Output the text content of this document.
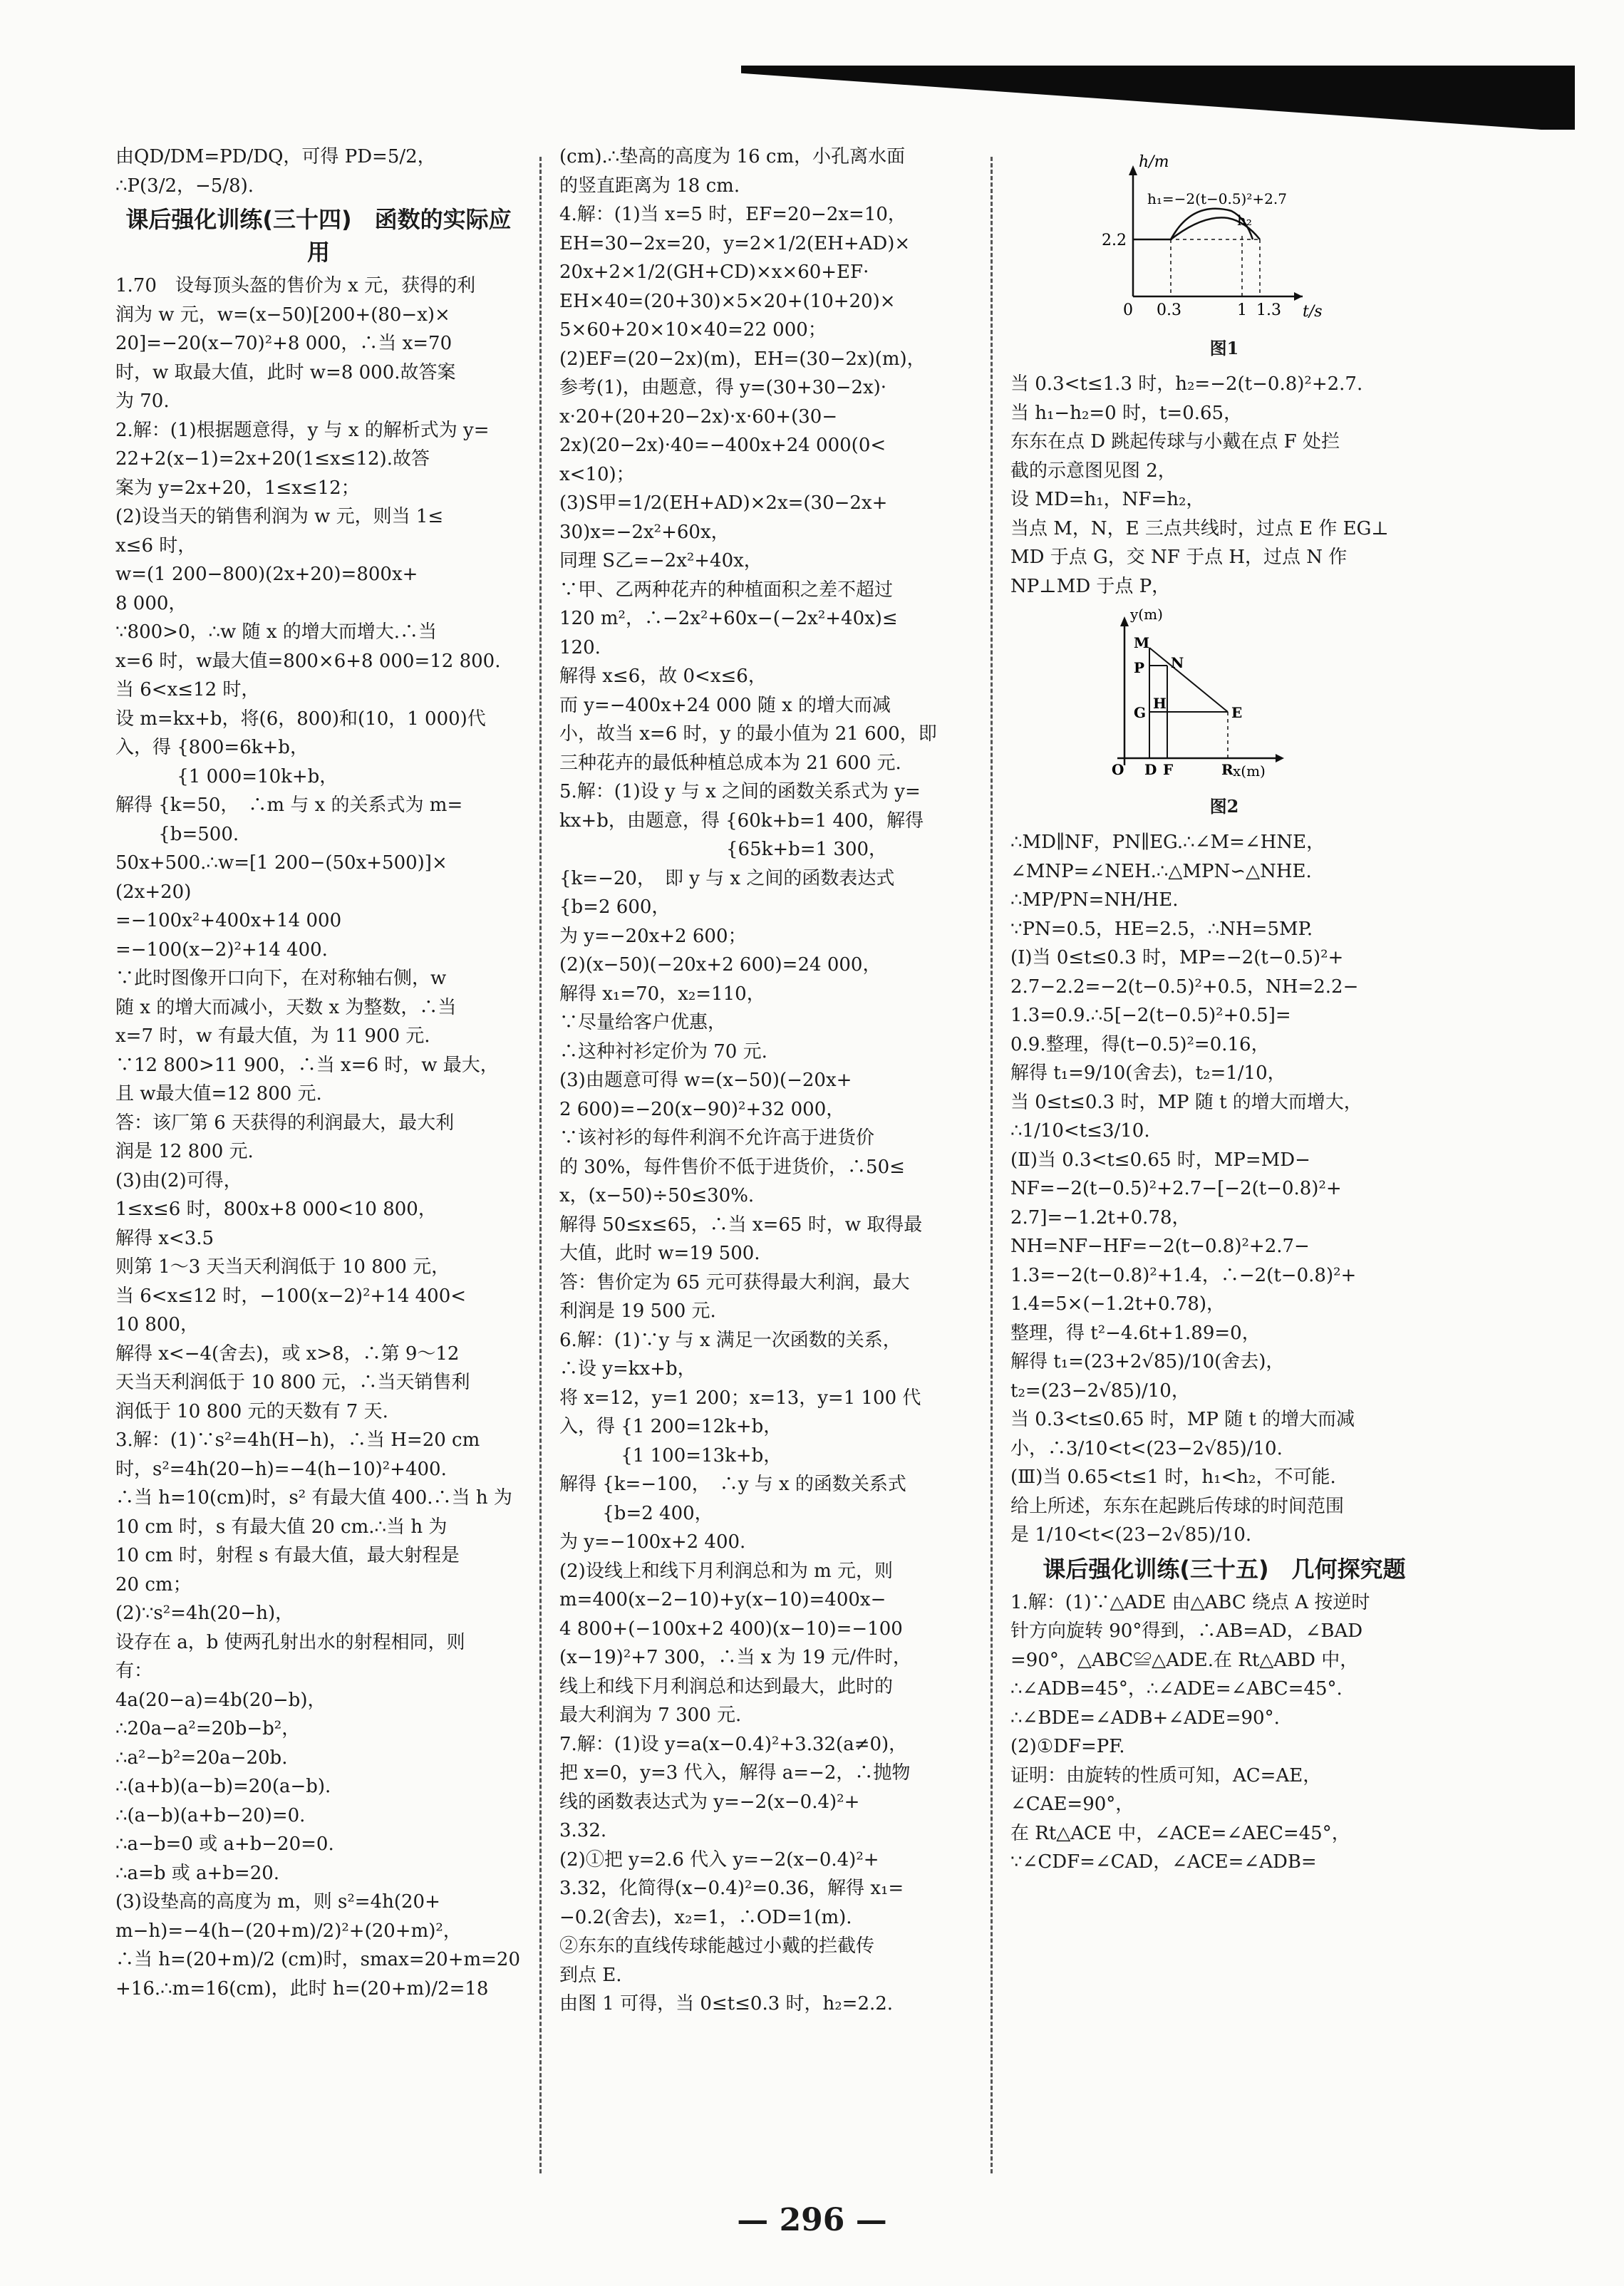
由QD/DM=PD/DQ，可得 PD=5/2，
∴P(3/2，−5/8).
课后强化训练(三十四)　函数的实际应用
1.70　设每顶头盔的售价为 x 元，获得的利
润为 w 元，w=(x−50)[200+(80−x)×
20]=−20(x−70)²+8 000，∴当 x=70
时，w 取最大值，此时 w=8 000.故答案
为 70.
2.解：(1)根据题意得，y 与 x 的解析式为 y=
22+2(x−1)=2x+20(1≤x≤12).故答
案为 y=2x+20，1≤x≤12；
(2)设当天的销售利润为 w 元，则当 1≤
x≤6 时，
w=(1 200−800)(2x+20)=800x+
8 000，
∵800>0，∴w 随 x 的增大而增大.∴当
x=6 时，w最大值=800×6+8 000=12 800.
当 6<x≤12 时，
设 m=kx+b，将(6，800)和(10，1 000)代
入，得 {800=6k+b，
　　　 {1 000=10k+b，
解得 {k=50，　∴m 与 x 的关系式为 m=
　　 {b=500.
50x+500.∴w=[1 200−(50x+500)]×
(2x+20)
=−100x²+400x+14 000
=−100(x−2)²+14 400.
∵此时图像开口向下，在对称轴右侧，w
随 x 的增大而减小，天数 x 为整数，∴当
x=7 时，w 有最大值，为 11 900 元.
∵12 800>11 900，∴当 x=6 时，w 最大，
且 w最大值=12 800 元.
答：该厂第 6 天获得的利润最大，最大利
润是 12 800 元.
(3)由(2)可得，
1≤x≤6 时，800x+8 000<10 800，
解得 x<3.5
则第 1～3 天当天利润低于 10 800 元，
当 6<x≤12 时，−100(x−2)²+14 400<
10 800，
解得 x<−4(舍去)，或 x>8，∴第 9～12
天当天利润低于 10 800 元，∴当天销售利
润低于 10 800 元的天数有 7 天.
3.解：(1)∵s²=4h(H−h)，∴当 H=20 cm
时，s²=4h(20−h)=−4(h−10)²+400.
∴当 h=10(cm)时，s² 有最大值 400.∴当 h 为
10 cm 时，s 有最大值 20 cm.∴当 h 为
10 cm 时，射程 s 有最大值，最大射程是
20 cm；
(2)∵s²=4h(20−h)，
设存在 a，b 使两孔射出水的射程相同，则
有：
4a(20−a)=4b(20−b)，
∴20a−a²=20b−b²，
∴a²−b²=20a−20b.
∴(a+b)(a−b)=20(a−b).
∴(a−b)(a+b−20)=0.
∴a−b=0 或 a+b−20=0.
∴a=b 或 a+b=20.
(3)设垫高的高度为 m，则 s²=4h(20+
m−h)=−4(h−(20+m)/2)²+(20+m)²，
∴当 h=(20+m)/2 (cm)时，smax=20+m=20
+16.∴m=16(cm)，此时 h=(20+m)/2=18
(cm).∴垫高的高度为 16 cm，小孔离水面
的竖直距离为 18 cm.
4.解：(1)当 x=5 时，EF=20−2x=10，
EH=30−2x=20，y=2×1/2(EH+AD)×
20x+2×1/2(GH+CD)×x×60+EF·
EH×40=(20+30)×5×20+(10+20)×
5×60+20×10×40=22 000；
(2)EF=(20−2x)(m)，EH=(30−2x)(m)，
参考(1)，由题意，得 y=(30+30−2x)·
x·20+(20+20−2x)·x·60+(30−
2x)(20−2x)·40=−400x+24 000(0<
x<10)；
(3)S甲=1/2(EH+AD)×2x=(30−2x+
30)x=−2x²+60x，
同理 S乙=−2x²+40x，
∵甲、乙两种花卉的种植面积之差不超过
120 m²，∴−2x²+60x−(−2x²+40x)≤
120.
解得 x≤6，故 0<x≤6，
而 y=−400x+24 000 随 x 的增大而减
小，故当 x=6 时，y 的最小值为 21 600，即
三种花卉的最低种植总成本为 21 600 元.
5.解：(1)设 y 与 x 之间的函数关系式为 y=
kx+b，由题意，得 {60k+b=1 400，解得
　　　　　　　　　{65k+b=1 300，
{k=−20，　即 y 与 x 之间的函数表达式
{b=2 600，
为 y=−20x+2 600；
(2)(x−50)(−20x+2 600)=24 000，
解得 x₁=70，x₂=110，
∵尽量给客户优惠，
∴这种衬衫定价为 70 元.
(3)由题意可得 w=(x−50)(−20x+
2 600)=−20(x−90)²+32 000，
∵该衬衫的每件利润不允许高于进货价
的 30%，每件售价不低于进货价，∴50≤
x，(x−50)÷50≤30%.
解得 50≤x≤65，∴当 x=65 时，w 取得最
大值，此时 w=19 500.
答：售价定为 65 元可获得最大利润，最大
利润是 19 500 元.
6.解：(1)∵y 与 x 满足一次函数的关系，
∴设 y=kx+b，
将 x=12，y=1 200；x=13，y=1 100 代
入，得 {1 200=12k+b，
　　　 {1 100=13k+b，
解得 {k=−100，　∴y 与 x 的函数关系式
　　 {b=2 400，
为 y=−100x+2 400.
(2)设线上和线下月利润总和为 m 元，则
m=400(x−2−10)+y(x−10)=400x−
4 800+(−100x+2 400)(x−10)=−100
(x−19)²+7 300，∴当 x 为 19 元/件时，
线上和线下月利润总和达到最大，此时的
最大利润为 7 300 元.
7.解：(1)设 y=a(x−0.4)²+3.32(a≠0)，
把 x=0，y=3 代入，解得 a=−2，∴抛物
线的函数表达式为 y=−2(x−0.4)²+
3.32.
(2)①把 y=2.6 代入 y=−2(x−0.4)²+
3.32，化简得(x−0.4)²=0.36，解得 x₁=
−0.2(舍去)，x₂=1，∴OD=1(m).
②东东的直线传球能越过小戴的拦截传
到点 E.
由图 1 可得，当 0≤t≤0.3 时，h₂=2.2.
h/m
t/s
h₁=−2(t−0.5)²+2.7
h₂
2.2
0 0.3	1 1.3
图1
当 0.3<t≤1.3 时，h₂=−2(t−0.8)²+2.7.
当 h₁−h₂=0 时，t=0.65，
东东在点 D 跳起传球与小戴在点 F 处拦
截的示意图见图 2，
设 MD=h₁，NF=h₂，
当点 M，N，E 三点共线时，过点 E 作 EG⊥
MD 于点 G，交 NF 于点 H，过点 N 作
NP⊥MD 于点 P，
y(m)
x(m)
M
N
P
G
H
E
O D F	R
图2
∴MD∥NF，PN∥EG.∴∠M=∠HNE，
∠MNP=∠NEH.∴△MPN∽△NHE.
∴MP/PN=NH/HE.
∵PN=0.5，HE=2.5，∴NH=5MP.
(Ⅰ)当 0≤t≤0.3 时，MP=−2(t−0.5)²+
2.7−2.2=−2(t−0.5)²+0.5，NH=2.2−
1.3=0.9.∴5[−2(t−0.5)²+0.5]=
0.9.整理，得(t−0.5)²=0.16，
解得 t₁=9/10(舍去)，t₂=1/10，
当 0≤t≤0.3 时，MP 随 t 的增大而增大，
∴1/10<t≤3/10.
(Ⅱ)当 0.3<t≤0.65 时，MP=MD−
NF=−2(t−0.5)²+2.7−[−2(t−0.8)²+
2.7]=−1.2t+0.78，
NH=NF−HF=−2(t−0.8)²+2.7−
1.3=−2(t−0.8)²+1.4，∴−2(t−0.8)²+
1.4=5×(−1.2t+0.78)，
整理，得 t²−4.6t+1.89=0，
解得 t₁=(23+2√85)/10(舍去)，
t₂=(23−2√85)/10，
当 0.3<t≤0.65 时，MP 随 t 的增大而减
小，∴3/10<t<(23−2√85)/10.
(Ⅲ)当 0.65<t≤1 时，h₁<h₂，不可能.
给上所述，东东在起跳后传球的时间范围
是 1/10<t<(23−2√85)/10.
课后强化训练(三十五)　几何探究题
1.解：(1)∵△ADE 由△ABC 绕点 A 按逆时
针方向旋转 90°得到，∴AB=AD，∠BAD
=90°，△ABC≌△ADE.在 Rt△ABD 中，
∴∠ADB=45°，∴∠ADE=∠ABC=45°.
∴∠BDE=∠ADB+∠ADE=90°.
(2)①DF=PF.
证明：由旋转的性质可知，AC=AE，
∠CAE=90°，
在 Rt△ACE 中，∠ACE=∠AEC=45°，
∵∠CDF=∠CAD，∠ACE=∠ADB=
— 296 —
